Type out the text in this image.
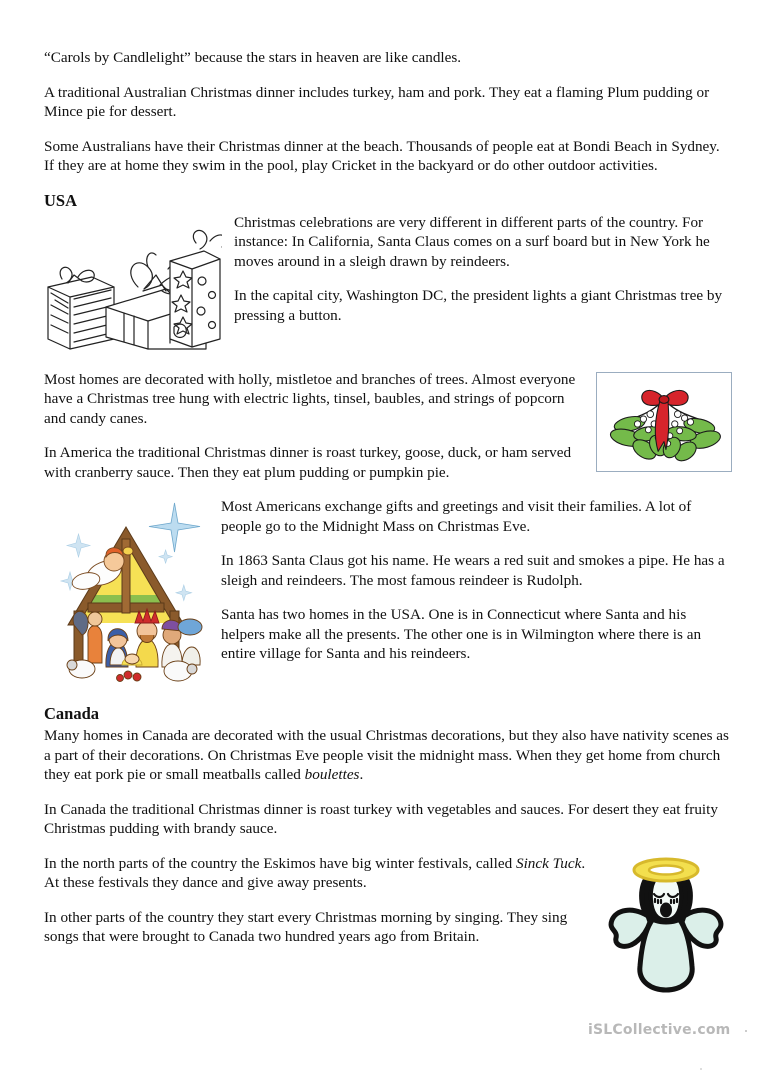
“Carols by Candlelight” because the stars in heaven are like candles.

A traditional Australian Christmas dinner includes turkey, ham and pork. They eat a flaming Plum pudding or Mince pie for dessert.

Some Australians have their Christmas dinner at the beach. Thousands of people eat at Bondi Beach in Sydney. If they are at home they swim in the pool, play Cricket in the backyard or do other outdoor activities.

USA

Christmas celebrations are very different in different parts of the country. For instance: In California, Santa Claus comes on a surf board but in New York he moves around in a sleigh drawn by reindeers.

In the capital city, Washington DC, the president lights a giant Christmas tree by pressing a button.

Most homes are decorated with holly, mistletoe and branches of trees. Almost everyone have a Christmas tree hung with electric lights, tinsel, baubles, and strings of popcorn and candy canes.

In America the traditional Christmas dinner is roast turkey, goose, duck, or ham served with cranberry sauce. Then they eat plum pudding or pumpkin pie.

Most Americans exchange gifts and greetings and visit their families. A lot of people go to the Midnight Mass on Christmas Eve.

In 1863 Santa Claus got his name. He wears a red suit and smokes a pipe. He has a sleigh and reindeers. The most famous reindeer is Rudolph.

Santa has two homes in the USA. One is in Connecticut where Santa and his helpers make all the presents. The other one is in Wilmington where there is an entire village for Santa and his reindeers.

Canada

Many homes in Canada are decorated with the usual Christmas decorations, but they also have nativity scenes as a part of their decorations. On Christmas Eve people visit the midnight mass. When they get home from church they eat pork pie or small meatballs called boulettes.

In Canada the traditional Christmas dinner is roast turkey with vegetables and sauces. For desert they eat fruity Christmas pudding with brandy sauce.

In the north parts of the country the Eskimos have big winter festivals, called Sinck Tuck. At these festivals they dance and give away presents.

In other parts of the country they start every Christmas morning by singing. They sing songs that were brought to Canada two hundred years ago from Britain.

iSLCollective.com
